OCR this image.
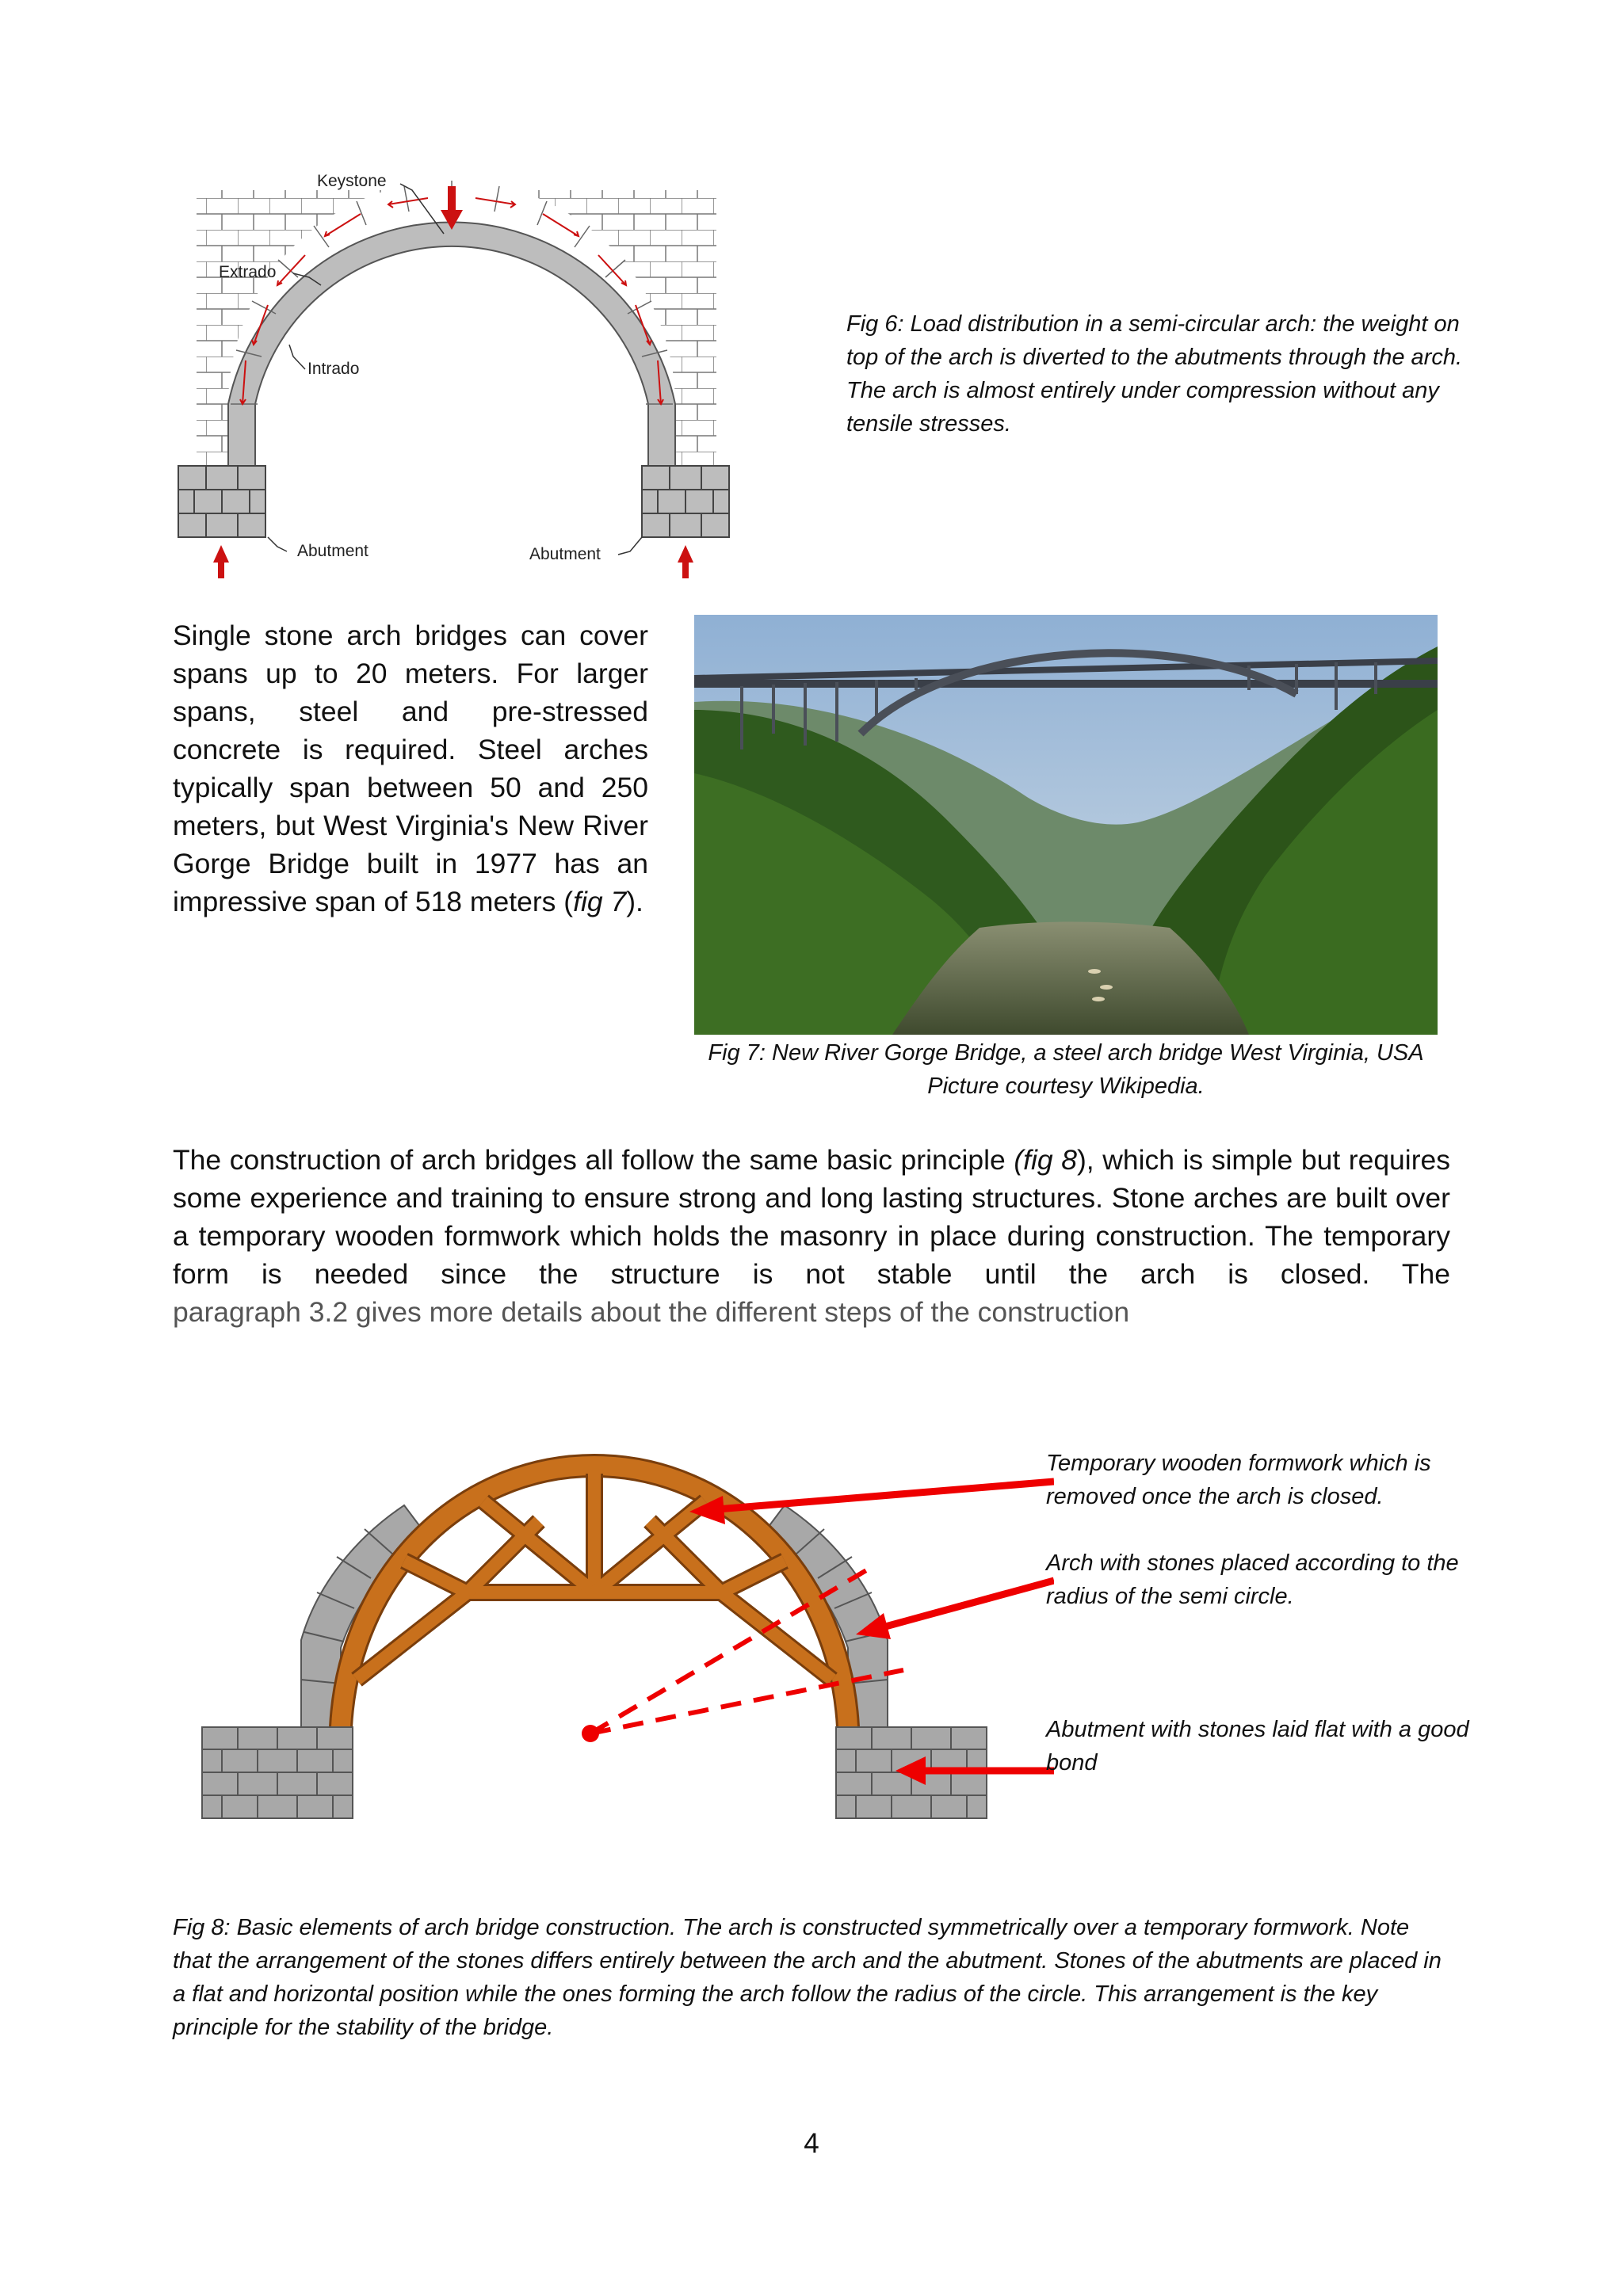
Keystone
Extrado
Intrado
Abutment	Abutment
Fig 6: Load distribution in a semi-circular arch: the weight on top of the arch is diverted to the abutments through the arch. The arch is almost entirely under compression without any tensile stresses.

Single stone arch bridges can cover spans up to 20 meters. For larger spans, steel and pre-stressed concrete is required. Steel arches typically span between 50 and 250 meters, but West Virginia's New River Gorge Bridge built in 1977 has an impressive span of 518 meters (fig 7).

Fig 7: New River Gorge Bridge, a steel arch bridge West Virginia, USA
Picture courtesy Wikipedia.

The construction of arch bridges all follow the same basic principle (fig 8), which is simple but requires some experience and training to ensure strong and long lasting structures. Stone arches are built over a temporary wooden formwork which holds the masonry in place during construction. The temporary form is needed since the structure is not stable until the arch is closed. The

paragraph 3.2 gives more details about the different steps of the construction

Temporary wooden formwork which is removed once the arch is closed.
Arch with stones placed according to the radius of the semi circle.
Abutment with stones laid flat with a good bond
Fig 8: Basic elements of arch bridge construction. The arch is constructed symmetrically over a temporary formwork. Note that the arrangement of the stones differs entirely between the arch and the abutment. Stones of the abutments are placed in a flat and horizontal position while the ones forming the arch follow the radius of the circle. This arrangement is the key principle for the stability of the bridge.
4
